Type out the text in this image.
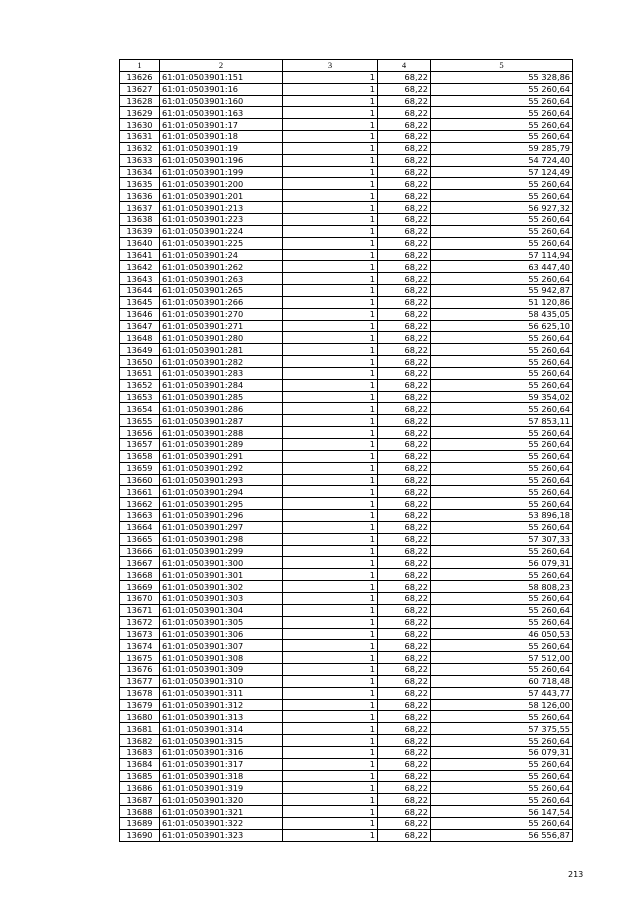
1	2	3	4	5
13626	61:01:0503901:151	1	68,22	55 328,86
13627	61:01:0503901:16	1	68,22	55 260,64
13628	61:01:0503901:160	1	68,22	55 260,64
13629	61:01:0503901:163	1	68,22	55 260,64
13630	61:01:0503901:17	1	68,22	55 260,64
13631	61:01:0503901:18	1	68,22	55 260,64
13632	61:01:0503901:19	1	68,22	59 285,79
13633	61:01:0503901:196	1	68,22	54 724,40
13634	61:01:0503901:199	1	68,22	57 124,49
13635	61:01:0503901:200	1	68,22	55 260,64
13636	61:01:0503901:201	1	68,22	55 260,64
13637	61:01:0503901:213	1	68,22	56 927,32
13638	61:01:0503901:223	1	68,22	55 260,64
13639	61:01:0503901:224	1	68,22	55 260,64
13640	61:01:0503901:225	1	68,22	55 260,64
13641	61:01:0503901:24	1	68,22	57 114,94
13642	61:01:0503901:262	1	68,22	63 447,40
13643	61:01:0503901:263	1	68,22	55 260,64
13644	61:01:0503901:265	1	68,22	55 942,87
13645	61:01:0503901:266	1	68,22	51 120,86
13646	61:01:0503901:270	1	68,22	58 435,05
13647	61:01:0503901:271	1	68,22	56 625,10
13648	61:01:0503901:280	1	68,22	55 260,64
13649	61:01:0503901:281	1	68,22	55 260,64
13650	61:01:0503901:282	1	68,22	55 260,64
13651	61:01:0503901:283	1	68,22	55 260,64
13652	61:01:0503901:284	1	68,22	55 260,64
13653	61:01:0503901:285	1	68,22	59 354,02
13654	61:01:0503901:286	1	68,22	55 260,64
13655	61:01:0503901:287	1	68,22	57 853,11
13656	61:01:0503901:288	1	68,22	55 260,64
13657	61:01:0503901:289	1	68,22	55 260,64
13658	61:01:0503901:291	1	68,22	55 260,64
13659	61:01:0503901:292	1	68,22	55 260,64
13660	61:01:0503901:293	1	68,22	55 260,64
13661	61:01:0503901:294	1	68,22	55 260,64
13662	61:01:0503901:295	1	68,22	55 260,64
13663	61:01:0503901:296	1	68,22	53 896,18
13664	61:01:0503901:297	1	68,22	55 260,64
13665	61:01:0503901:298	1	68,22	57 307,33
13666	61:01:0503901:299	1	68,22	55 260,64
13667	61:01:0503901:300	1	68,22	56 079,31
13668	61:01:0503901:301	1	68,22	55 260,64
13669	61:01:0503901:302	1	68,22	58 808,23
13670	61:01:0503901:303	1	68,22	55 260,64
13671	61:01:0503901:304	1	68,22	55 260,64
13672	61:01:0503901:305	1	68,22	55 260,64
13673	61:01:0503901:306	1	68,22	46 050,53
13674	61:01:0503901:307	1	68,22	55 260,64
13675	61:01:0503901:308	1	68,22	57 512,00
13676	61:01:0503901:309	1	68,22	55 260,64
13677	61:01:0503901:310	1	68,22	60 718,48
13678	61:01:0503901:311	1	68,22	57 443,77
13679	61:01:0503901:312	1	68,22	58 126,00
13680	61:01:0503901:313	1	68,22	55 260,64
13681	61:01:0503901:314	1	68,22	57 375,55
13682	61:01:0503901:315	1	68,22	55 260,64
13683	61:01:0503901:316	1	68,22	56 079,31
13684	61:01:0503901:317	1	68,22	55 260,64
13685	61:01:0503901:318	1	68,22	55 260,64
13686	61:01:0503901:319	1	68,22	55 260,64
13687	61:01:0503901:320	1	68,22	55 260,64
13688	61:01:0503901:321	1	68,22	56 147,54
13689	61:01:0503901:322	1	68,22	55 260,64
13690	61:01:0503901:323	1	68,22	56 556,87
213
